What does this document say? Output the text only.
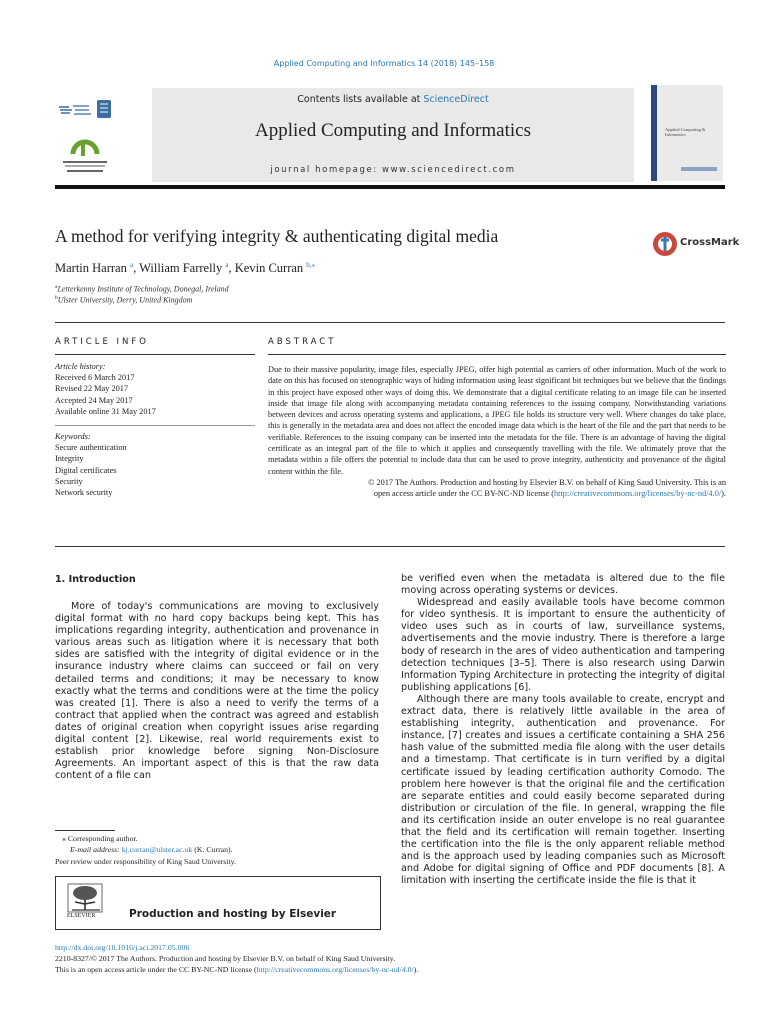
Applied Computing and Informatics 14 (2018) 145–158
Contents lists available at ScienceDirect
Applied Computing and Informatics
journal homepage: www.sciencedirect.com
Applied Computing & Informatics
A method for verifying integrity & authenticating digital media	CrossMark
Martin Harran $^a$, William Farrelly $^a$, Kevin Curran $^{b,⁎}$
$^a$Letterkenny Institute of Technology, Donegal, Ireland
$^b$Ulster University, Derry, United Kingdom
ARTICLE INFO
Article history:
Received 6 March 2017
Revised 22 May 2017
Accepted 24 May 2017
Available online 31 May 2017
Keywords:
Secure authentication
Integrity
Digital certificates
Security
Network security
ABSTRACT
Due to their massive popularity, image files, especially JPEG, offer high potential as carriers of other information. Much of the work to date on this has focused on stenographic ways of hiding information using least significant bit techniques but we believe that the findings in this project have exposed other ways of doing this. We demonstrate that a digital certificate relating to an image file can be inserted inside that image file along with accompanying metadata containing references to the issuing company. Notwithstanding variations between devices and across operating systems and applications, a JPEG file holds its structure very well. Where changes do take place, this is generally in the metadata area and does not affect the encoded image data which is the heart of the file and the part that needs to be verifiable. References to the issuing company can be inserted into the metadata for the file. There is an advantage of having the digital certificate as an integral part of the file to which it applies and consequently travelling with the file. We ultimately prove that the metadata within a file offers the potential to include data that can be used to prove integrity, authenticity and provenance of the digital content within the file.
© 2017 The Authors. Production and hosting by Elsevier B.V. on behalf of King Saud University. This is an
open access article under the CC BY-NC-ND license (http://creativecommons.org/licenses/by-nc-nd/4.0/).
1. Introduction

More of today's communications are moving to exclusively digital format with no hard copy backups being kept. This has implications regarding integrity, authentication and provenance in various areas such as litigation where it is necessary that both sides are satisfied with the integrity of digital evidence or in the insurance industry where claims can succeed or fail on very detailed terms and conditions; it may be necessary to know exactly what the terms and conditions were at the time the policy was created [1]. There is also a need to verify the terms of a contract that applied when the contract was agreed and establish dates of original creation when copyright issues arise regarding digital content [2]. Likewise, real world requirements exist to establish prior knowledge before signing Non-Disclosure Agreements. An important aspect of this is that the raw data content of a file can

be verified even when the metadata is altered due to the file moving across operating systems or devices.

Widespread and easily available tools have become common for video synthesis. It is important to ensure the authenticity of video uses such as in courts of law, surveillance systems, advertisements and the movie industry. There is therefore a large body of research in the ares of video authentication and tampering detection techniques [3–5]. There is also research using Darwin Information Typing Architecture in protecting the integrity of digital publishing applications [6].

Although there are many tools available to create, encrypt and extract data, there is relatively little available in the area of establishing integrity, authentication and provenance. For instance, [7] creates and issues a certificate containing a SHA 256 hash value of the submitted media file along with the user details and a timestamp. That certificate is in turn verified by a digital certificate issued by leading certification authority Comodo. The problem here however is that the original file and the certification are separate entities and could easily become separated during distribution or circulation of the file. In general, wrapping the file and its certification inside an outer envelope is no real guarantee that the field and its certification will remain together. Inserting the certification into the file is the only apparent reliable method and is the approach used by leading companies such as Microsoft and Adobe for digital signing of Office and PDF documents [8]. A limitation with inserting the certificate inside the file is that it

⁎ Corresponding author.
E-mail address: kj.curran@ulster.ac.uk (K. Curran).
Peer review under responsibility of King Saud University.
ELSEVIER	Production and hosting by Elsevier
http://dx.doi.org/10.1016/j.aci.2017.05.006
2210-8327/© 2017 The Authors. Production and hosting by Elsevier B.V. on behalf of King Saud University.
This is an open access article under the CC BY-NC-ND license (http://creativecommons.org/licenses/by-nc-nd/4.0/).
